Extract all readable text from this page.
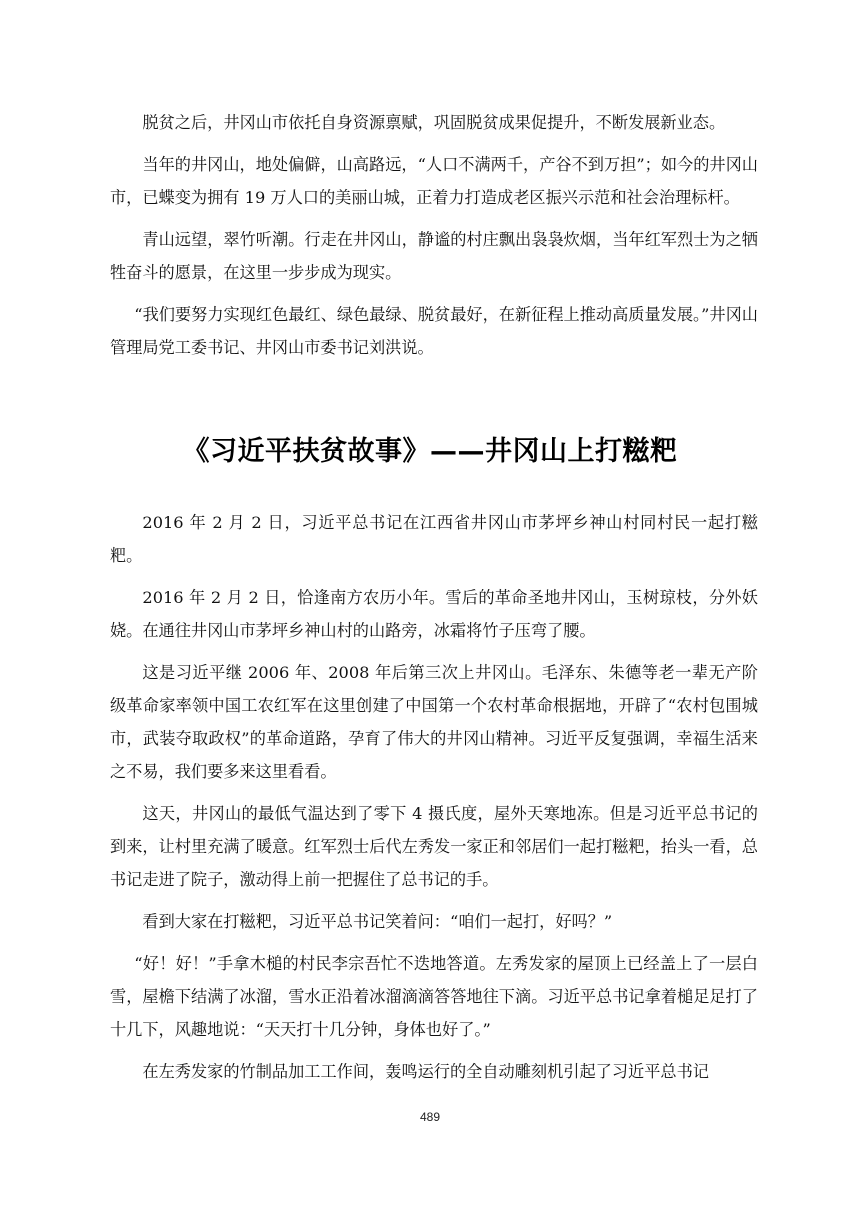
脱贫之后，井冈山市依托自身资源禀赋，巩固脱贫成果促提升，不断发展新业态。

当年的井冈山，地处偏僻，山高路远，“人口不满两千，产谷不到万担”；如今的井冈山市，已蝶变为拥有 19 万人口的美丽山城，正着力打造成老区振兴示范和社会治理标杆。

青山远望，翠竹听潮。行走在井冈山，静谧的村庄飘出袅袅炊烟，当年红军烈士为之牺牲奋斗的愿景，在这里一步步成为现实。

“我们要努力实现红色最红、绿色最绿、脱贫最好，在新征程上推动高质量发展。”井冈山管理局党工委书记、井冈山市委书记刘洪说。

《习近平扶贫故事》——井冈山上打糍粑

2016 年 2 月 2 日，习近平总书记在江西省井冈山市茅坪乡神山村同村民一起打糍粑。

2016 年 2 月 2 日，恰逢南方农历小年。雪后的革命圣地井冈山，玉树琼枝，分外妖娆。在通往井冈山市茅坪乡神山村的山路旁，冰霜将竹子压弯了腰。

这是习近平继 2006 年、2008 年后第三次上井冈山。毛泽东、朱德等老一辈无产阶级革命家率领中国工农红军在这里创建了中国第一个农村革命根据地，开辟了“农村包围城市，武装夺取政权”的革命道路，孕育了伟大的井冈山精神。习近平反复强调，幸福生活来之不易，我们要多来这里看看。

这天，井冈山的最低气温达到了零下 4 摄氏度，屋外天寒地冻。但是习近平总书记的到来，让村里充满了暖意。红军烈士后代左秀发一家正和邻居们一起打糍粑，抬头一看，总书记走进了院子，激动得上前一把握住了总书记的手。

看到大家在打糍粑，习近平总书记笑着问：“咱们一起打，好吗？”

“好！好！”手拿木槌的村民李宗吾忙不迭地答道。左秀发家的屋顶上已经盖上了一层白雪，屋檐下结满了冰溜，雪水正沿着冰溜滴滴答答地往下滴。习近平总书记拿着槌足足打了十几下，风趣地说：“天天打十几分钟，身体也好了。”

在左秀发家的竹制品加工工作间，轰鸣运行的全自动雕刻机引起了习近平总书记

489
